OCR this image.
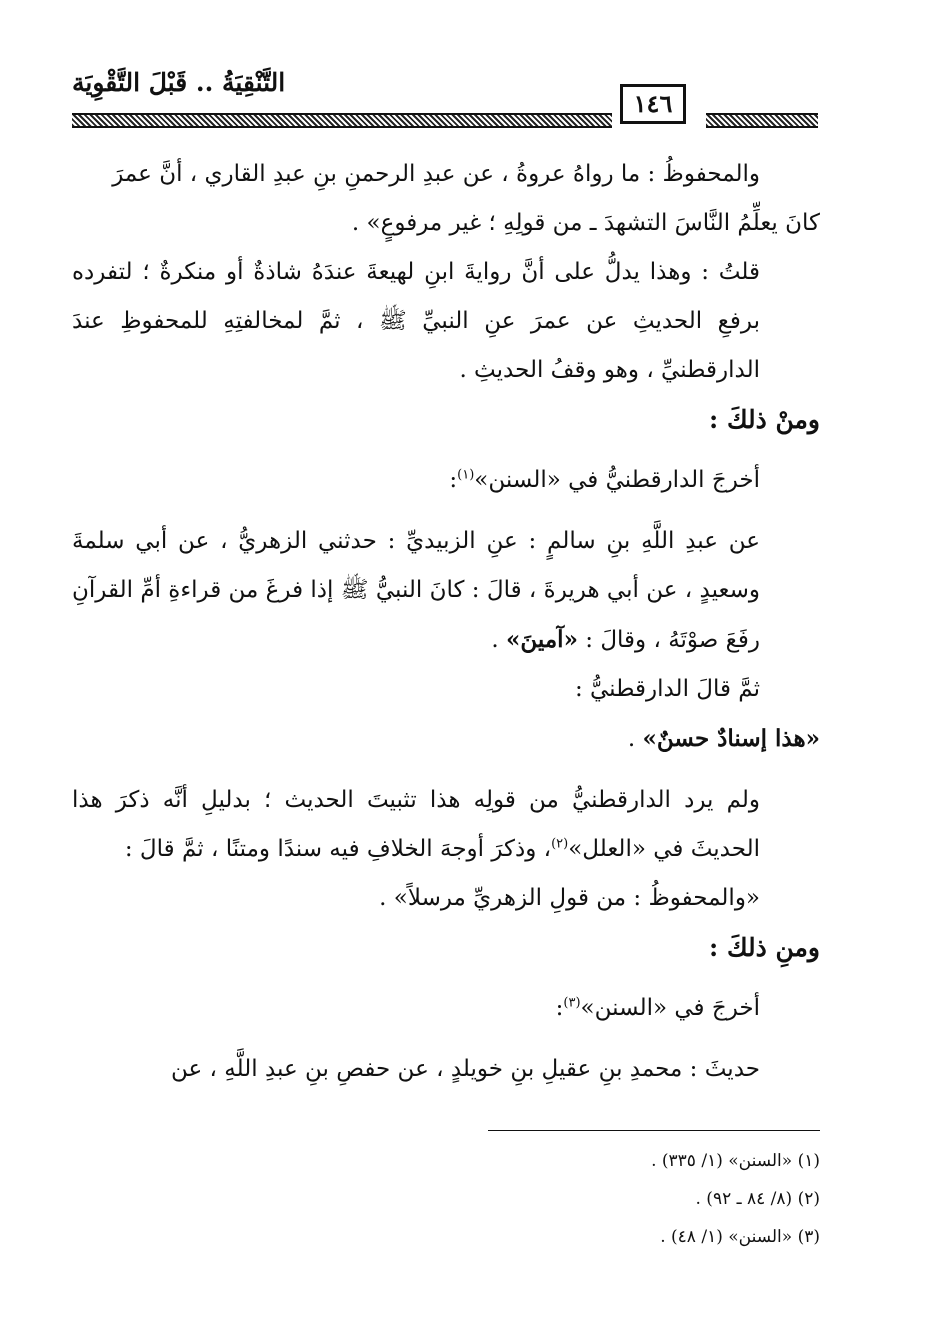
التَّنْقِيَةُ .. قَبْلَ التَّقْوِيَة
١٤٦

والمحفوظُ : ما رواهُ عروةُ ، عن عبدِ الرحمنِ بنِ عبدِ القاري ، أنَّ عمرَ

كانَ يعلِّمُ النَّاسَ التشهدَ ـ من قولِهِ ؛ غير مرفوعٍ» .

قلتُ : وهذا يدلُّ على أنَّ روايةَ ابنِ لهيعةَ عندَهُ شاذةٌ أو منكرةٌ ؛ لتفرده برفعِ الحديثِ عن عمرَ عنِ النبيِّ ﷺ ، ثمَّ لمخالفتِهِ للمحفوظِ عندَ الدارقطنيِّ ، وهو وقفُ الحديثِ .

ومنْ ذلكَ :

أخرجَ الدارقطنيُّ في «السنن»$^{(١)}$:

عن عبدِ اللَّهِ بنِ سالمٍ : عنِ الزبيديِّ : حدثني الزهريُّ ، عن أبي سلمةَ وسعيدٍ ، عن أبي هريرةَ ، قالَ : كانَ النبيُّ ﷺ إذا فرغَ من قراءةِ أمِّ القرآنِ رفَعَ صوْتَهُ ، وقالَ : «آمينَ» .

ثمَّ قالَ الدارقطنيُّ :

«هذا إسنادٌ حسنٌ» .

ولم يرد الدارقطنيُّ من قولِه هذا تثبيتَ الحديث ؛ بدليلِ أنَّه ذكرَ هذا الحديثَ في «العلل»$^{(٢)}$، وذكرَ أوجهَ الخلافِ فيه سندًا ومتنًا ، ثمَّ قالَ :

«والمحفوظُ : من قولِ الزهريِّ مرسلاً» .

ومنِ ذلكَ :

أخرجَ في «السنن»$^{(٣)}$:

حديثَ : محمدِ بنِ عقيلِ بنِ خويلدٍ ، عن حفصِ بنِ عبدِ اللَّهِ ، عن

(١) «السنن» (١/ ٣٣٥) .

(٢) (٨/ ٨٤ ـ ٩٢) .

(٣) «السنن» (١/ ٤٨) .
